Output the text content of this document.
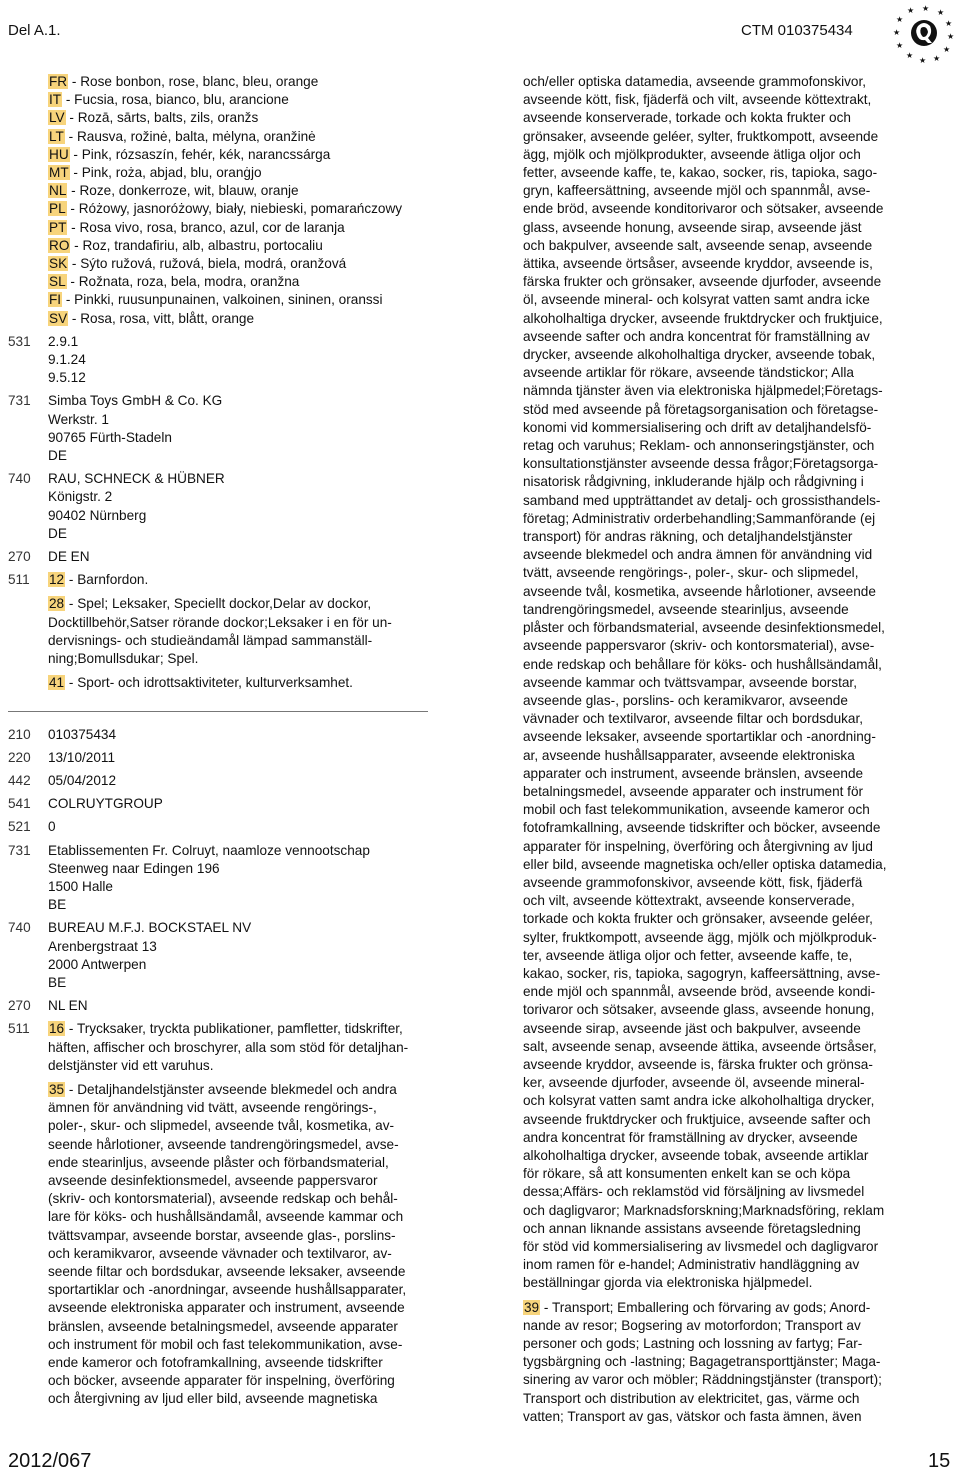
Del A.1.	CTM 010375434
★ ★
★
★
★
★
★
★
★
★
★
★
FR - Rose bonbon, rose, blanc, bleu, orange
IT - Fucsia, rosa, bianco, blu, arancione
LV - Rozā, sārts, balts, zils, oranžs
LT - Rausva, rožinė, balta, mėlyna, oranžinė
HU - Pink, rózsaszín, fehér, kék, narancssárga
MT - Pink, roża, abjad, blu, oranġjo
NL - Roze, donkerroze, wit, blauw, oranje
PL - Różowy, jasnoróżowy, biały, niebieski, pomarańczowy
PT - Rosa vivo, rosa, branco, azul, cor de laranja
RO - Roz, trandafiriu, alb, albastru, portocaliu
SK - Sýto ružová, ružová, biela, modrá, oranžová
SL - Rožnata, roza, bela, modra, oranžna
FI - Pinkki, ruusunpunainen, valkoinen, sininen, oranssi
SV - Rosa, rosa, vitt, blått, orange
531	2.9.1
9.1.24
9.5.12
731	Simba Toys GmbH & Co. KG
Werkstr. 1
90765 Fürth-Stadeln
DE
740	RAU, SCHNECK & HÜBNER
Königstr. 2
90402 Nürnberg
DE
270	DE EN
511	12 - Barnfordon.
28 - Spel; Leksaker, Speciellt dockor,Delar av dockor,
Docktillbehör,Satser rörande dockor;Leksaker i en för un-
dervisnings- och studieändamål lämpad sammanställ-
ning;Bomullsdukar; Spel.
41 - Sport- och idrottsaktiviteter, kulturverksamhet.
210	010375434
220	13/10/2011
442	05/04/2012
541	COLRUYTGROUP
521	0
731	Etablissementen Fr. Colruyt, naamloze vennootschap
Steenweg naar Edingen 196
1500 Halle
BE
740	BUREAU M.F.J. BOCKSTAEL NV
Arenbergstraat 13
2000 Antwerpen
BE
270	NL EN
511	16 - Trycksaker, tryckta publikationer, pamfletter, tidskrifter,
häften, affischer och broschyrer, alla som stöd för detaljhan-
delstjänster vid ett varuhus.
35 - Detaljhandelstjänster avseende blekmedel och andra
ämnen för användning vid tvätt, avseende rengörings-,
poler-, skur- och slipmedel, avseende tvål, kosmetika, av-
seende hårlotioner, avseende tandrengöringsmedel, avse-
ende stearinljus, avseende plåster och förbandsmaterial,
avseende desinfektionsmedel, avseende pappersvaror
(skriv- och kontorsmaterial), avseende redskap och behål-
lare för köks- och hushållsändamål, avseende kammar och
tvättsvampar, avseende borstar, avseende glas-, porslins-
och keramikvaror, avseende vävnader och textilvaror, av-
seende filtar och bordsdukar, avseende leksaker, avseende
sportartiklar och -anordningar, avseende hushållsapparater,
avseende elektroniska apparater och instrument, avseende
bränslen, avseende betalningsmedel, avseende apparater
och instrument för mobil och fast telekommunikation, avse-
ende kameror och fotoframkallning, avseende tidskrifter
och böcker, avseende apparater för inspelning, överföring
och återgivning av ljud eller bild, avseende magnetiska
och/eller optiska datamedia, avseende grammofonskivor,
avseende kött, fisk, fjäderfä och vilt, avseende köttextrakt,
avseende konserverade, torkade och kokta frukter och
grönsaker, avseende geléer, sylter, fruktkompott, avseende
ägg, mjölk och mjölkprodukter, avseende ätliga oljor och
fetter, avseende kaffe, te, kakao, socker, ris, tapioka, sago-
gryn, kaffeersättning, avseende mjöl och spannmål, avse-
ende bröd, avseende konditorivaror och sötsaker, avseende
glass, avseende honung, avseende sirap, avseende jäst
och bakpulver, avseende salt, avseende senap, avseende
ättika, avseende örtsåser, avseende kryddor, avseende is,
färska frukter och grönsaker, avseende djurfoder, avseende
öl, avseende mineral- och kolsyrat vatten samt andra icke
alkoholhaltiga drycker, avseende fruktdrycker och fruktjuice,
avseende safter och andra koncentrat för framställning av
drycker, avseende alkoholhaltiga drycker, avseende tobak,
avseende artiklar för rökare, avseende tändstickor; Alla
nämnda tjänster även via elektroniska hjälpmedel;Företags-
stöd med avseende på företagsorganisation och företagse-
konomi vid kommersialisering och drift av detaljhandelsfö-
retag och varuhus; Reklam- och annonseringstjänster, och
konsultationstjänster avseende dessa frågor;Företagsorga-
nisatorisk rådgivning, inkluderande hjälp och rådgivning i
samband med uppträttandet av detalj- och grossisthandels-
företag; Administrativ orderbehandling;Sammanförande (ej
transport) för andras räkning, och detaljhandelstjänster
avseende blekmedel och andra ämnen för användning vid
tvätt, avseende rengörings-, poler-, skur- och slipmedel,
avseende tvål, kosmetika, avseende hårlotioner, avseende
tandrengöringsmedel, avseende stearinljus, avseende
plåster och förbandsmaterial, avseende desinfektionsmedel,
avseende pappersvaror (skriv- och kontorsmaterial), avse-
ende redskap och behållare för köks- och hushållsändamål,
avseende kammar och tvättsvampar, avseende borstar,
avseende glas-, porslins- och keramikvaror, avseende
vävnader och textilvaror, avseende filtar och bordsdukar,
avseende leksaker, avseende sportartiklar och -anordning-
ar, avseende hushållsapparater, avseende elektroniska
apparater och instrument, avseende bränslen, avseende
betalningsmedel, avseende apparater och instrument för
mobil och fast telekommunikation, avseende kameror och
fotoframkallning, avseende tidskrifter och böcker, avseende
apparater för inspelning, överföring och återgivning av ljud
eller bild, avseende magnetiska och/eller optiska datamedia,
avseende grammofonskivor, avseende kött, fisk, fjäderfä
och vilt, avseende köttextrakt, avseende konserverade,
torkade och kokta frukter och grönsaker, avseende geléer,
sylter, fruktkompott, avseende ägg, mjölk och mjölkproduk-
ter, avseende ätliga oljor och fetter, avseende kaffe, te,
kakao, socker, ris, tapioka, sagogryn, kaffeersättning, avse-
ende mjöl och spannmål, avseende bröd, avseende kondi-
torivaror och sötsaker, avseende glass, avseende honung,
avseende sirap, avseende jäst och bakpulver, avseende
salt, avseende senap, avseende ättika, avseende örtsåser,
avseende kryddor, avseende is, färska frukter och grönsa-
ker, avseende djurfoder, avseende öl, avseende mineral-
och kolsyrat vatten samt andra icke alkoholhaltiga drycker,
avseende fruktdrycker och fruktjuice, avseende safter och
andra koncentrat för framställning av drycker, avseende
alkoholhaltiga drycker, avseende tobak, avseende artiklar
för rökare, så att konsumenten enkelt kan se och köpa
dessa;Affärs- och reklamstöd vid försäljning av livsmedel
och dagligvaror; Marknadsforskning;Marknadsföring, reklam
och annan liknande assistans avseende företagsledning
för stöd vid kommersialisering av livsmedel och dagligvaror
inom ramen för e-handel; Administrativ handläggning av
beställningar gjorda via elektroniska hjälpmedel.
39 - Transport; Emballering och förvaring av gods; Anord-
nande av resor; Bogsering av motorfordon; Transport av
personer och gods; Lastning och lossning av fartyg; Far-
tygsbärgning och -lastning; Bagagetransporttjänster; Maga-
sinering av varor och möbler; Räddningstjänster (transport);
Transport och distribution av elektricitet, gas, värme och
vatten; Transport av gas, vätskor och fasta ämnen, även
2012/067	15
